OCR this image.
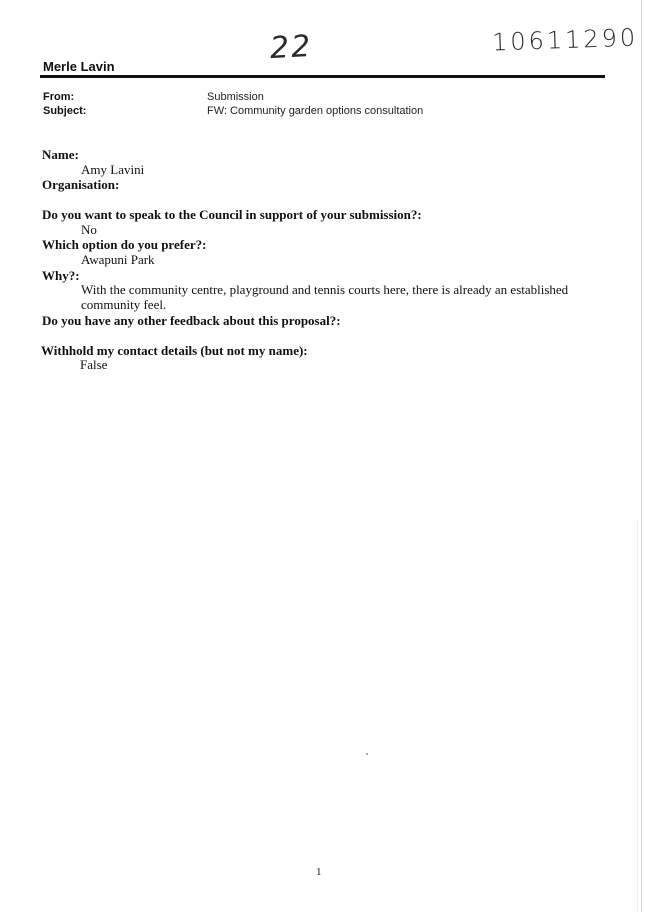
22	10611290
Merle Lavin
From:	Submission
Subject:	FW: Community garden options consultation
Name:
Amy Lavini
Organisation:
Do you want to speak to the Council in support of your submission?:
No
Which option do you prefer?:
Awapuni Park
Why?:
With the community centre, playground and tennis courts here, there is already an established community feel.
Do you have any other feedback about this proposal?:
Withhold my contact details (but not my name):
False
1
